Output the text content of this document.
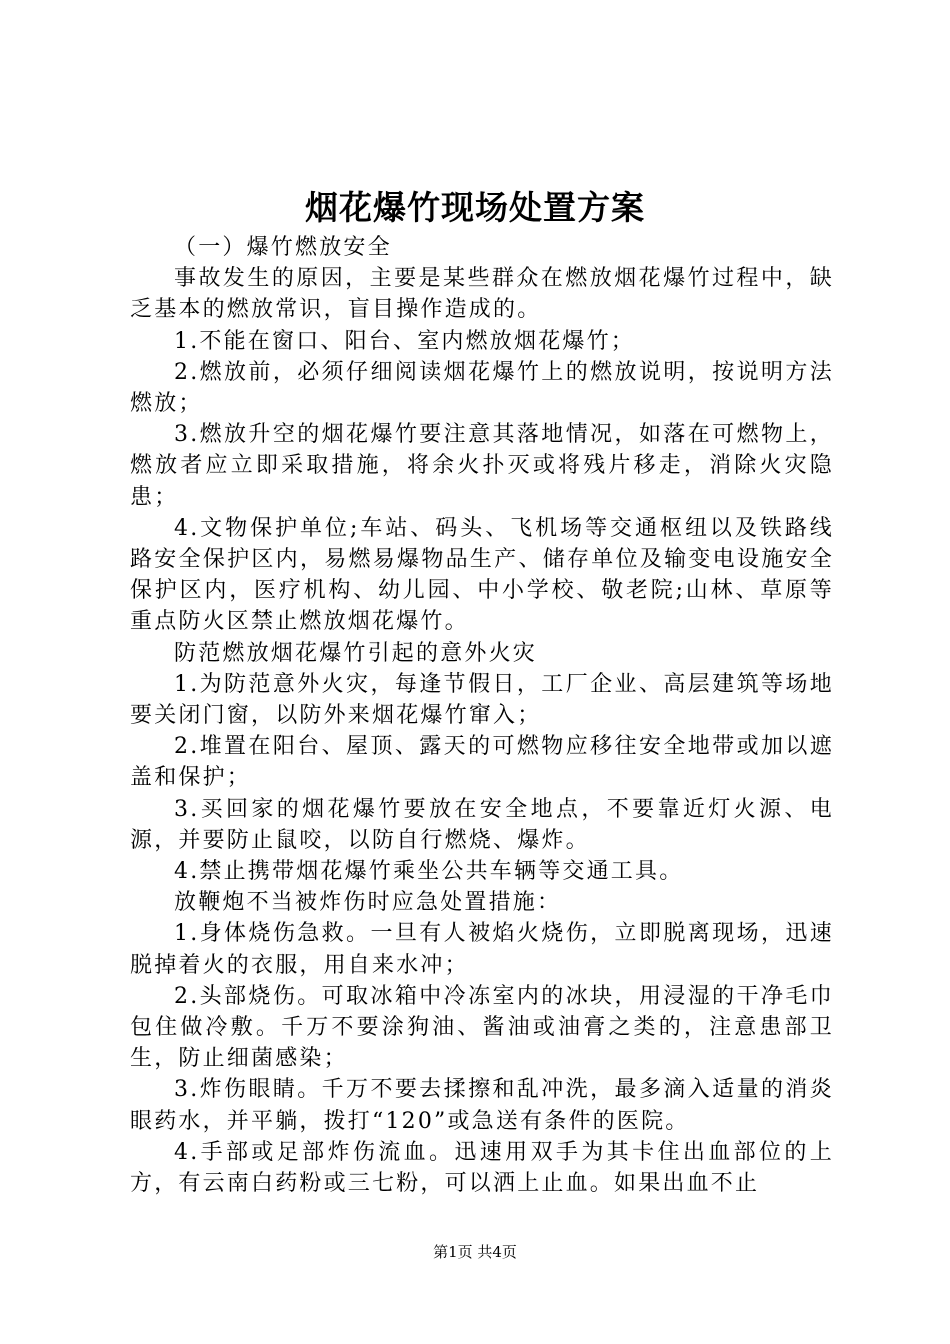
烟花爆竹现场处置方案

（一）爆竹燃放安全

事故发生的原因，主要是某些群众在燃放烟花爆竹过程中，缺乏基本的燃放常识，盲目操作造成的。

1.不能在窗口、阳台、室内燃放烟花爆竹；

2.燃放前，必须仔细阅读烟花爆竹上的燃放说明，按说明方法燃放；

3.燃放升空的烟花爆竹要注意其落地情况，如落在可燃物上，燃放者应立即采取措施，将余火扑灭或将残片移走，消除火灾隐患；

4.文物保护单位;车站、码头、飞机场等交通枢纽以及铁路线路安全保护区内，易燃易爆物品生产、储存单位及输变电设施安全保护区内，医疗机构、幼儿园、中小学校、敬老院;山林、草原等重点防火区禁止燃放烟花爆竹。

防范燃放烟花爆竹引起的意外火灾

1.为防范意外火灾，每逢节假日，工厂企业、高层建筑等场地要关闭门窗，以防外来烟花爆竹窜入；

2.堆置在阳台、屋顶、露天的可燃物应移往安全地带或加以遮盖和保护；

3.买回家的烟花爆竹要放在安全地点，不要靠近灯火源、电源，并要防止鼠咬，以防自行燃烧、爆炸。

4.禁止携带烟花爆竹乘坐公共车辆等交通工具。

放鞭炮不当被炸伤时应急处置措施：

1.身体烧伤急救。一旦有人被焰火烧伤，立即脱离现场，迅速脱掉着火的衣服，用自来水冲；

2.头部烧伤。可取冰箱中冷冻室内的冰块，用浸湿的干净毛巾包住做冷敷。千万不要涂狗油、酱油或油膏之类的，注意患部卫生，防止细菌感染；

3.炸伤眼睛。千万不要去揉擦和乱冲洗，最多滴入适量的消炎眼药水，并平躺，拨打“120”或急送有条件的医院。

4.手部或足部炸伤流血。迅速用双手为其卡住出血部位的上方，有云南白药粉或三七粉，可以洒上止血。如果出血不止

第1页 共4页
